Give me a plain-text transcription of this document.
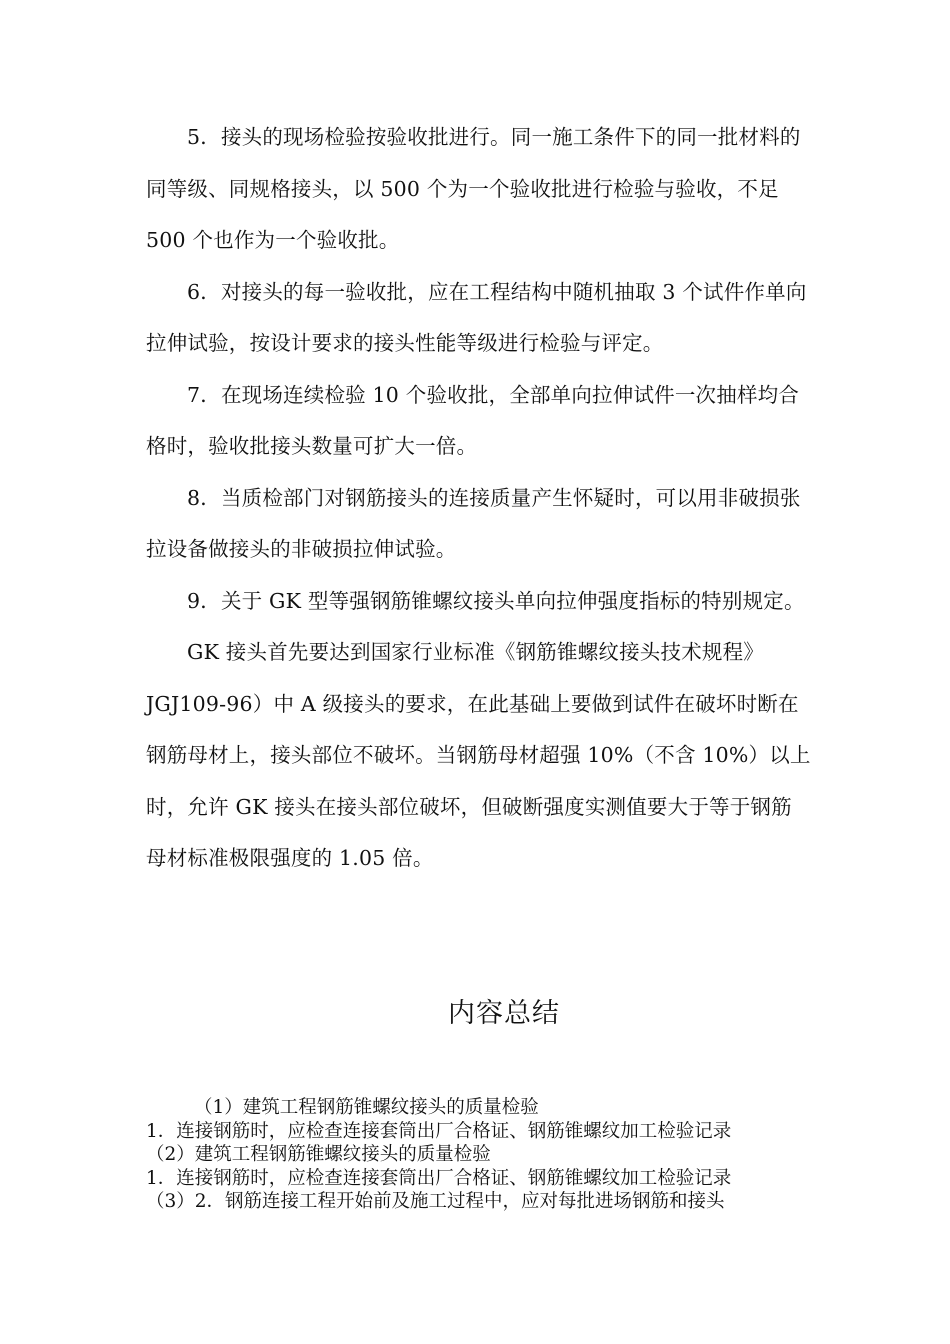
5．接头的现场检验按验收批进行。同一施工条件下的同一批材料的同等级、同规格接头，以 500 个为一个验收批进行检验与验收，不足 500 个也作为一个验收批。

6．对接头的每一验收批，应在工程结构中随机抽取 3 个试件作单向拉伸试验，按设计要求的接头性能等级进行检验与评定。

7．在现场连续检验 10 个验收批，全部单向拉伸试件一次抽样均合格时，验收批接头数量可扩大一倍。

8．当质检部门对钢筋接头的连接质量产生怀疑时，可以用非破损张拉设备做接头的非破损拉伸试验。

9．关于 GK 型等强钢筋锥螺纹接头单向拉伸强度指标的特别规定。

GK 接头首先要达到国家行业标准《钢筋锥螺纹接头技术规程》JGJ109-96）中 A 级接头的要求，在此基础上要做到试件在破坏时断在钢筋母材上，接头部位不破坏。当钢筋母材超强 10%（不含 10%）以上时，允许 GK 接头在接头部位破坏，但破断强度实测值要大于等于钢筋母材标准极限强度的 1.05 倍。

内容总结
（1）建筑工程钢筋锥螺纹接头的质量检验
1．连接钢筋时，应检查连接套筒出厂合格证、钢筋锥螺纹加工检验记录
（2）建筑工程钢筋锥螺纹接头的质量检验
1．连接钢筋时，应检查连接套筒出厂合格证、钢筋锥螺纹加工检验记录
（3）2．钢筋连接工程开始前及施工过程中，应对每批进场钢筋和接头
